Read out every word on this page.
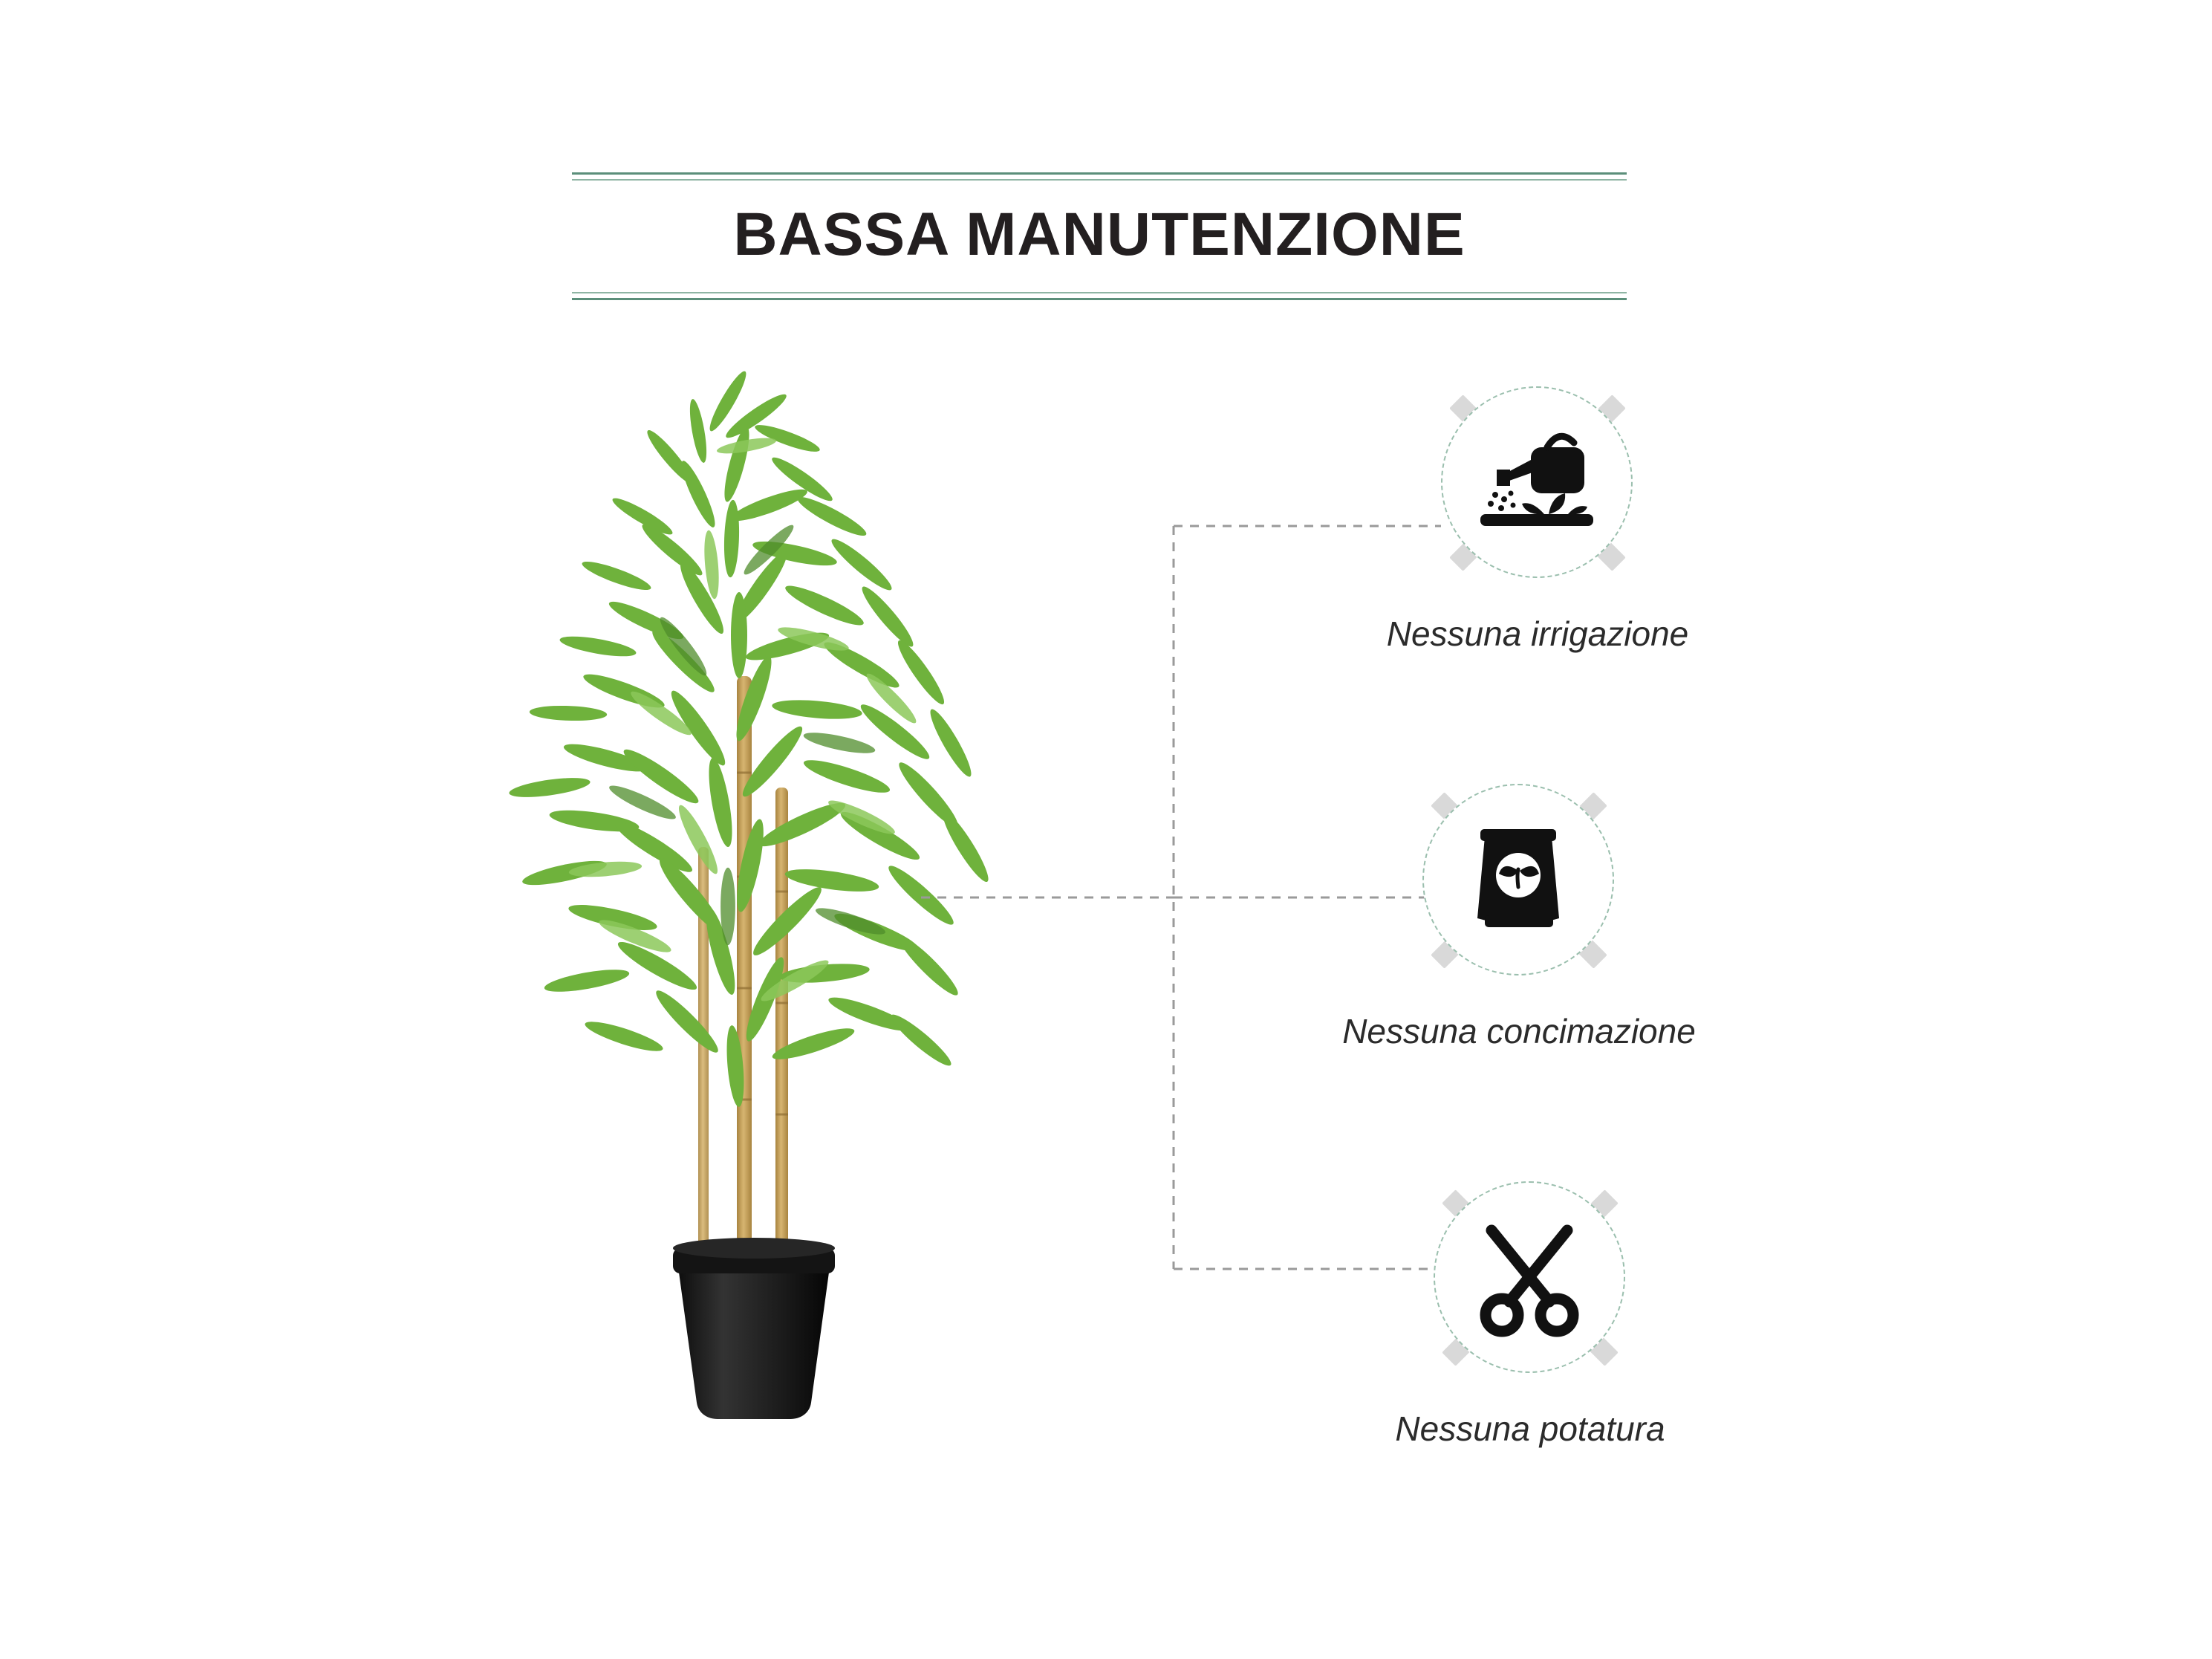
BASSA MANUTENZIONE
Nessuna irrigazione
Nessuna concimazione
Nessuna potatura
